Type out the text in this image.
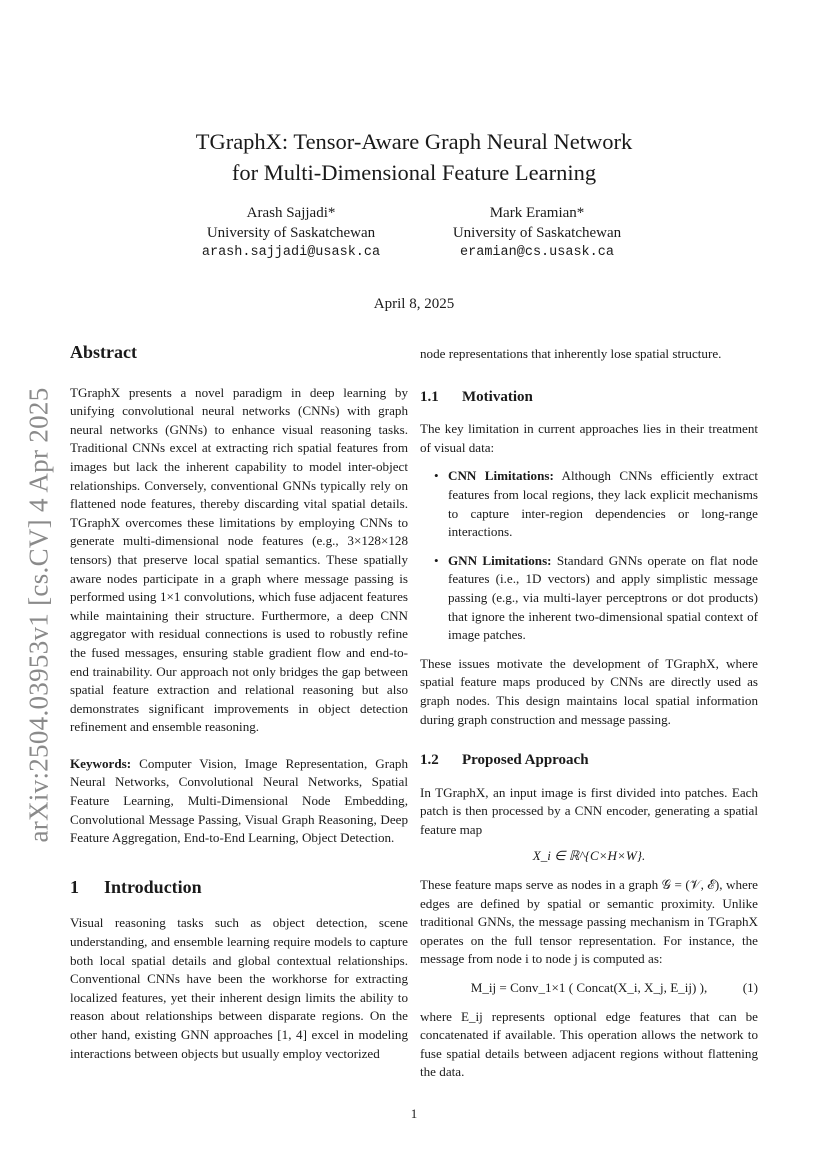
arXiv:2504.03953v1 [cs.CV] 4 Apr 2025
TGraphX: Tensor-Aware Graph Neural Network
for Multi-Dimensional Feature Learning
Arash Sajjadi*
University of Saskatchewan
arash.sajjadi@usask.ca
Mark Eramian*
University of Saskatchewan
eramian@cs.usask.ca
April 8, 2025
Abstract

TGraphX presents a novel paradigm in deep learning by unifying convolutional neural networks (CNNs) with graph neural networks (GNNs) to enhance visual reasoning tasks. Traditional CNNs excel at extracting rich spatial features from images but lack the inherent capability to model inter-object relationships. Conversely, conventional GNNs typically rely on flattened node features, thereby discarding vital spatial details. TGraphX overcomes these limitations by employing CNNs to generate multi-dimensional node features (e.g., 3×128×128 tensors) that preserve local spatial semantics. These spatially aware nodes participate in a graph where message passing is performed using 1×1 convolutions, which fuse adjacent features while maintaining their structure. Furthermore, a deep CNN aggregator with residual connections is used to robustly refine the fused messages, ensuring stable gradient flow and end-to-end trainability. Our approach not only bridges the gap between spatial feature extraction and relational reasoning but also demonstrates significant improvements in object detection refinement and ensemble reasoning.

Keywords: Computer Vision, Image Representation, Graph Neural Networks, Convolutional Neural Networks, Spatial Feature Learning, Multi-Dimensional Node Embedding, Convolutional Message Passing, Visual Graph Reasoning, Deep Feature Aggregation, End-to-End Learning, Object Detection.

1 Introduction

Visual reasoning tasks such as object detection, scene understanding, and ensemble learning require models to capture both local spatial details and global contextual relationships. Conventional CNNs have been the workhorse for extracting localized features, yet their inherent design limits the ability to reason about relationships between disparate regions. On the other hand, existing GNN approaches [1, 4] excel in modeling interactions between objects but usually employ vectorized

node representations that inherently lose spatial structure.

1.1 Motivation

The key limitation in current approaches lies in their treatment of visual data:

• CNN Limitations: Although CNNs efficiently extract features from local regions, they lack explicit mechanisms to capture inter-region dependencies or long-range interactions.
• GNN Limitations: Standard GNNs operate on flat node features (i.e., 1D vectors) and apply simplistic message passing (e.g., via multi-layer perceptrons or dot products) that ignore the inherent two-dimensional spatial context of image patches.

These issues motivate the development of TGraphX, where spatial feature maps produced by CNNs are directly used as graph nodes. This design maintains local spatial information during graph construction and message passing.

1.2 Proposed Approach

In TGraphX, an input image is first divided into patches. Each patch is then processed by a CNN encoder, generating a spatial feature map

X_i ∈ ℝ^{C×H×W}.

These feature maps serve as nodes in a graph 𝒢 = (𝒱, ℰ), where edges are defined by spatial or semantic proximity. Unlike traditional GNNs, the message passing mechanism in TGraphX operates on the full tensor representation. For instance, the message from node i to node j is computed as:

M_ij = Conv_1×1 ( Concat(X_i, X_j, E_ij) ),	(1)

where E_ij represents optional edge features that can be concatenated if available. This operation allows the network to fuse spatial details between adjacent regions without flattening the data.

1
